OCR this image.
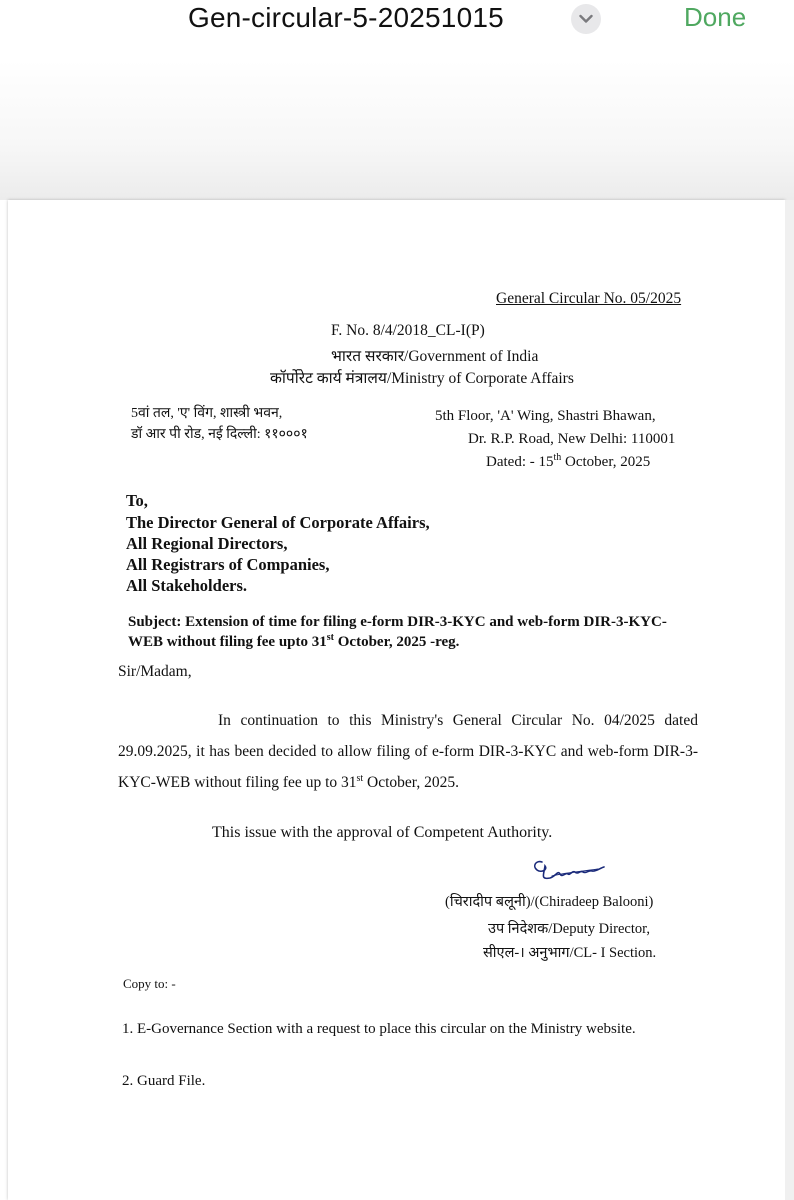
Gen-circular-5-20251015	Done
General Circular No. 05/2025
F. No. 8/4/2018_CL-I(P)
भारत सरकार/Government of India
कॉर्पोरेट कार्य मंत्रालय/Ministry of Corporate Affairs
5वां तल, 'ए' विंग, शास्त्री भवन,
डॉ आर पी रोड, नई दिल्ली: ११०००१
5th Floor, 'A' Wing, Shastri Bhawan,
Dr. R.P. Road, New Delhi: 110001
Dated: - 15th October, 2025
To,
The Director General of Corporate Affairs,
All Regional Directors,
All Registrars of Companies,
All Stakeholders.
Subject: Extension of time for filing e-form DIR-3-KYC and web-form DIR-3-KYC-WEB without filing fee upto 31st October, 2025 -reg.
Sir/Madam,
In continuation to this Ministry's General Circular No. 04/2025 dated 29.09.2025, it has been decided to allow filing of e-form DIR-3-KYC and web-form DIR-3-KYC-WEB without filing fee up to 31st October, 2025.
This issue with the approval of Competent Authority.
(चिरादीप बलूनी)/(Chiradeep Balooni)
उप निदेशक/Deputy Director,
सीएल-। अनुभाग/CL- I Section.
Copy to: -
1. E-Governance Section with a request to place this circular on the Ministry website.
2. Guard File.
